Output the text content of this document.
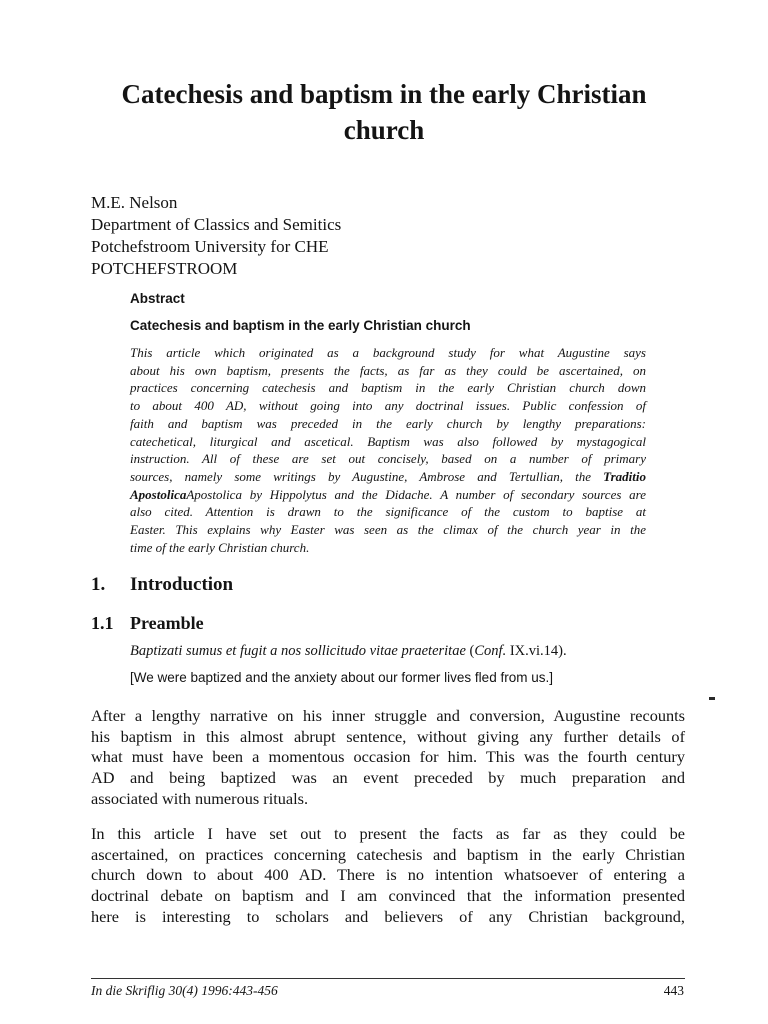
Catechesis and baptism in the early Christian
church
M.E. Nelson
Department of Classics and Semitics
Potchefstroom University for CHE
POTCHEFSTROOM
Abstract
Catechesis and baptism in the early Christian church
This article which originated as a background study for what Augustine says
about his own baptism, presents the facts, as far as they could be ascertained, on
practices concerning catechesis and baptism in the early Christian church down
to about 400 AD, without going into any doctrinal issues. Public confession of
faith and baptism was preceded in the early church by lengthy preparations:
catechetical, liturgical and ascetical. Baptism was also followed by mystagogical
instruction. All of these are set out concisely, based on a number of primary
sources, namely some writings by Augustine, Ambrose and Tertullian, the Traditio
ApostolicaApostolica by Hippolytus and the Didache. A number of secondary sources are
also cited. Attention is drawn to the significance of the custom to baptise at
Easter. This explains why Easter was seen as the climax of the church year in the
time of the early Christian church.
1. Introduction
1.1 Preamble
Baptizati sumus et fugit a nos sollicitudo vitae praeteritae (Conf. IX.vi.14).
[We were baptized and the anxiety about our former lives fled from us.]
After a lengthy narrative on his inner struggle and conversion, Augustine recounts
his baptism in this almost abrupt sentence, without giving any further details of
what must have been a momentous occasion for him. This was the fourth century
AD and being baptized was an event preceded by much preparation and
associated with numerous rituals.
In this article I have set out to present the facts as far as they could be
ascertained, on practices concerning catechesis and baptism in the early Christian
church down to about 400 AD. There is no intention whatsoever of entering a
doctrinal debate on baptism and I am convinced that the information presented
here is interesting to scholars and believers of any Christian background,
In die Skriflig 30(4) 1996:443-456	443
